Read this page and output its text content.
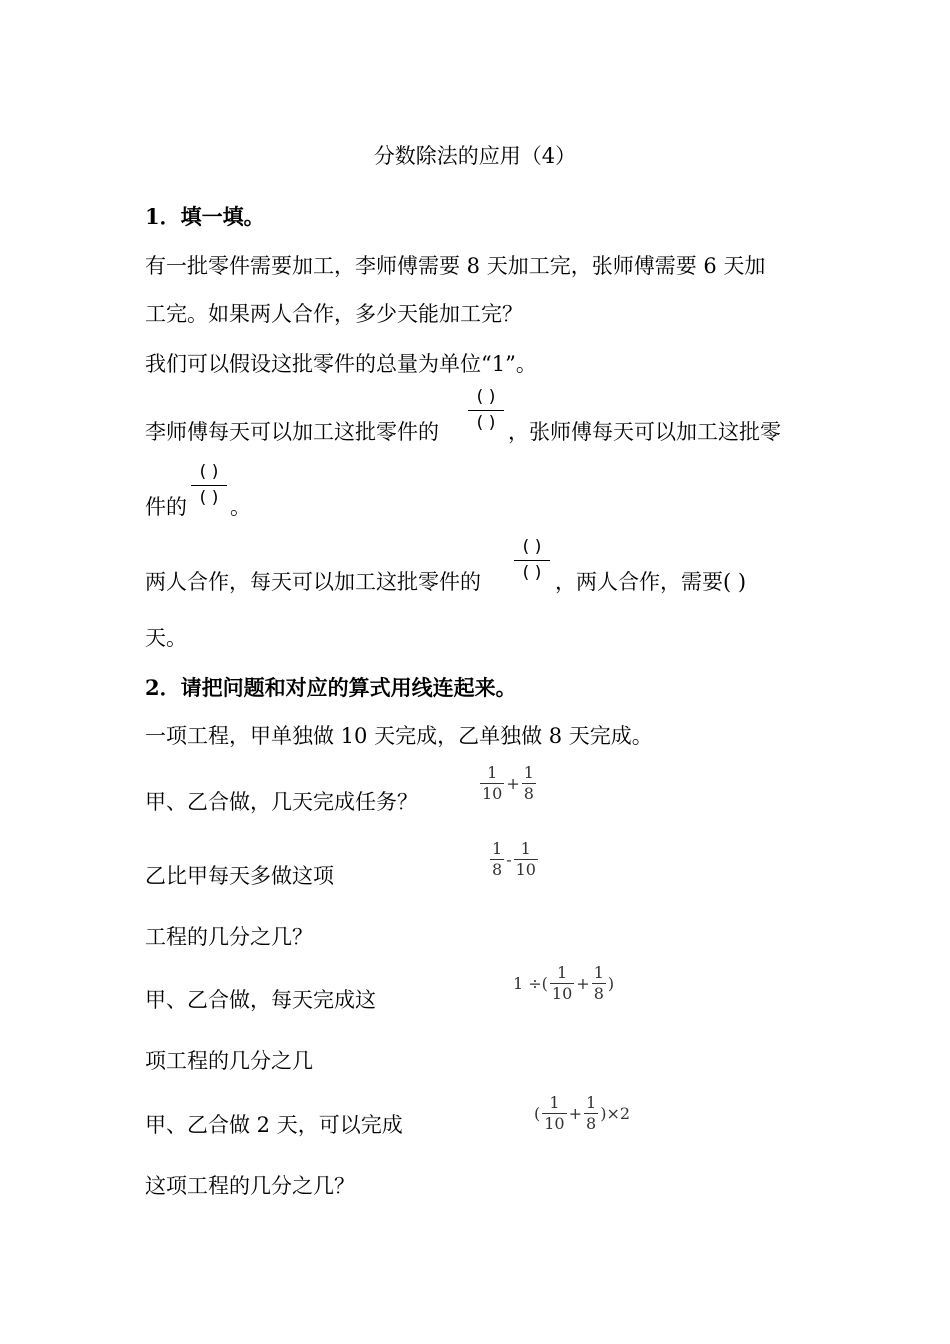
分数除法的应用（4）
1．填一填。
有一批零件需要加工，李师傅需要 8 天加工完，张师傅需要 6 天加
工完。如果两人合作，多少天能加工完？
我们可以假设这批零件的总量为单位“1”。
李师傅每天可以加工这批零件的
( )
( ) ，张师傅每天可以加工这批零
件的
( )
( ) 。
两人合作，每天可以加工这批零件的
( )
( ) ，两人合作，需要( )
天。
2．请把问题和对应的算式用线连起来。
一项工程，甲单独做 10 天完成，乙单独做 8 天完成。
甲、乙合做，几天完成任务？
乙比甲每天多做这项
工程的几分之几？
甲、乙合做，每天完成这
项工程的几分之几
甲、乙合做 2 天，可以完成
这项工程的几分之几？
$\frac{1}{10} + \frac{1}{8}$
$\frac{1}{8} - \frac{1}{10}$
1 ÷( $\frac{1}{10} + \frac{1}{8}$ )
( $\frac{1}{10} + \frac{1}{8} )\times 2$
